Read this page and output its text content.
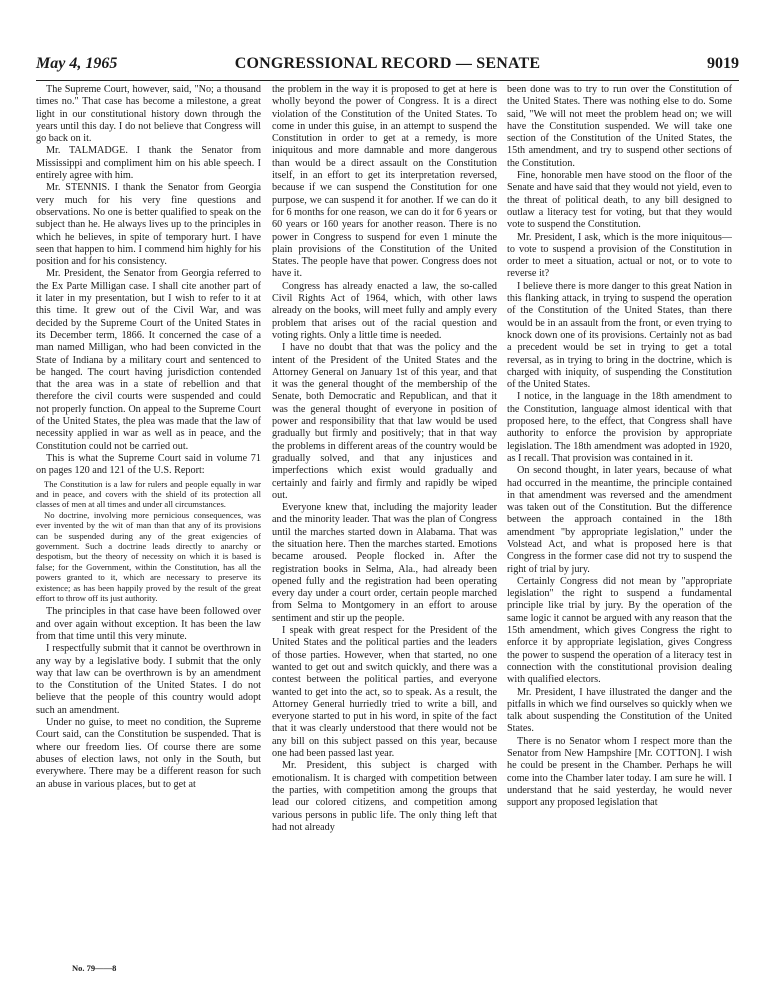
CONGRESSIONAL RECORD — SENATE
May 4, 1965	9019

The Supreme Court, however, said, "No; a thousand times no." That case has become a milestone, a great light in our constitutional history down through the years until this day. I do not believe that Congress will go back on it.

Mr. TALMADGE. I thank the Senator from Mississippi and compliment him on his able speech. I entirely agree with him.

Mr. STENNIS. I thank the Senator from Georgia very much for his very fine questions and observations. No one is better qualified to speak on the subject than he. He always lives up to the principles in which he believes, in spite of temporary hurt. I have seen that happen to him. I commend him highly for his position and for his consistency.

Mr. President, the Senator from Georgia referred to the Ex Parte Milligan case. I shall cite another part of it later in my presentation, but I wish to refer to it at this time. It grew out of the Civil War, and was decided by the Supreme Court of the United States in its December term, 1866. It concerned the case of a man named Milligan, who had been convicted in the State of Indiana by a military court and sentenced to be hanged. The court having jurisdiction contended that the area was in a state of rebellion and that therefore the civil courts were suspended and could not properly function. On appeal to the Supreme Court of the United States, the plea was made that the law of necessity applied in war as well as in peace, and the Constitution could not be carried out.

This is what the Supreme Court said in volume 71 on pages 120 and 121 of the U.S. Report:

The Constitution is a law for rulers and people equally in war and in peace, and covers with the shield of its protection all classes of men at all times and under all circumstances.

No doctrine, involving more pernicious consequences, was ever invented by the wit of man than that any of its provisions can be suspended during any of the great exigencies of government. Such a doctrine leads directly to anarchy or despotism, but the theory of necessity on which it is based is false; for the Government, within the Constitution, has all the powers granted to it, which are necessary to preserve its existence; as has been happily proved by the result of the great effort to throw off its just authority.

The principles in that case have been followed over and over again without exception. It has been the law from that time until this very minute.

I respectfully submit that it cannot be overthrown in any way by a legislative body. I submit that the only way that law can be overthrown is by an amendment to the Constitution of the United States. I do not believe that the people of this country would adopt such an amendment.

Under no guise, to meet no condition, the Supreme Court said, can the Constitution be suspended. That is where our freedom lies. Of course there are some abuses of election laws, not only in the South, but everywhere. There may be a different reason for such an abuse in various places, but to get at

the problem in the way it is proposed to get at here is wholly beyond the power of Congress. It is a direct violation of the Constitution of the United States. To come in under this guise, in an attempt to suspend the Constitution in order to get at a remedy, is more iniquitous and more damnable and more dangerous than would be a direct assault on the Constitution itself, in an effort to get its interpretation reversed, because if we can suspend the Constitution for one purpose, we can suspend it for another. If we can do it for 6 months for one reason, we can do it for 6 years or 60 years or 160 years for another reason. There is no power in Congress to suspend for even 1 minute the plain provisions of the Constitution of the United States. The people have that power. Congress does not have it.

Congress has already enacted a law, the so-called Civil Rights Act of 1964, which, with other laws already on the books, will meet fully and amply every problem that arises out of the racial question and voting rights. Only a little time is needed.

I have no doubt that that was the policy and the intent of the President of the United States and the Attorney General on January 1st of this year, and that it was the general thought of the membership of the Senate, both Democratic and Republican, and that it was the general thought of everyone in position of power and responsibility that that law would be used gradually but firmly and positively; that in that way the problems in different areas of the country would be gradually solved, and that any injustices and imperfections which exist would gradually and certainly and fairly and firmly and rapidly be wiped out.

Everyone knew that, including the majority leader and the minority leader. That was the plan of Congress until the marches started down in Alabama. That was the situation here. Then the marches started. Emotions became aroused. People flocked in. After the registration books in Selma, Ala., had already been opened fully and the registration had been operating every day under a court order, certain people marched from Selma to Montgomery in an effort to arouse sentiment and stir up the people.

I speak with great respect for the President of the United States and the political parties and the leaders of those parties. However, when that started, no one wanted to get out and switch quickly, and there was a contest between the political parties, and everyone wanted to get into the act, so to speak. As a result, the Attorney General hurriedly tried to write a bill, and everyone started to put in his word, in spite of the fact that it was clearly understood that there would not be any bill on this subject passed on this year, because one had been passed last year.

Mr. President, this subject is charged with emotionalism. It is charged with competition between the parties, with competition among the groups that lead our colored citizens, and competition among various persons in public life. The only thing left that had not already

been done was to try to run over the Constitution of the United States. There was nothing else to do. Some said, "We will not meet the problem head on; we will have the Constitution suspended. We will take one section of the Constitution of the United States, the 15th amendment, and try to suspend other sections of the Constitution.

Fine, honorable men have stood on the floor of the Senate and have said that they would not yield, even to the threat of political death, to any bill designed to outlaw a literacy test for voting, but that they would vote to suspend the Constitution.

Mr. President, I ask, which is the more iniquitous—to vote to suspend a provision of the Constitution in order to meet a situation, actual or not, or to vote to reverse it?

I believe there is more danger to this great Nation in this flanking attack, in trying to suspend the operation of the Constitution of the United States, than there would be in an assault from the front, or even trying to knock down one of its provisions. Certainly not as bad a precedent would be set in trying to get a total reversal, as in trying to bring in the doctrine, which is charged with iniquity, of suspending the Constitution of the United States.

I notice, in the language in the 18th amendment to the Constitution, language almost identical with that proposed here, to the effect, that Congress shall have authority to enforce the provision by appropriate legislation. The 18th amendment was adopted in 1920, as I recall. That provision was contained in it.

On second thought, in later years, because of what had occurred in the meantime, the principle contained in that amendment was reversed and the amendment was taken out of the Constitution. But the difference between the approach contained in the 18th amendment "by appropriate legislation," under the Volstead Act, and what is proposed here is that Congress in the former case did not try to suspend the right of trial by jury.

Certainly Congress did not mean by "appropriate legislation" the right to suspend a fundamental principle like trial by jury. By the operation of the same logic it cannot be argued with any reason that the 15th amendment, which gives Congress the right to enforce it by appropriate legislation, gives Congress the power to suspend the operation of a literacy test in connection with the constitutional provision dealing with qualified electors.

Mr. President, I have illustrated the danger and the pitfalls in which we find ourselves so quickly when we talk about suspending the Constitution of the United States.

There is no Senator whom I respect more than the Senator from New Hampshire [Mr. COTTON]. I wish he could be present in the Chamber. Perhaps he will come into the Chamber later today. I am sure he will. I understand that he said yesterday, he would never support any proposed legislation that

No. 79——8
